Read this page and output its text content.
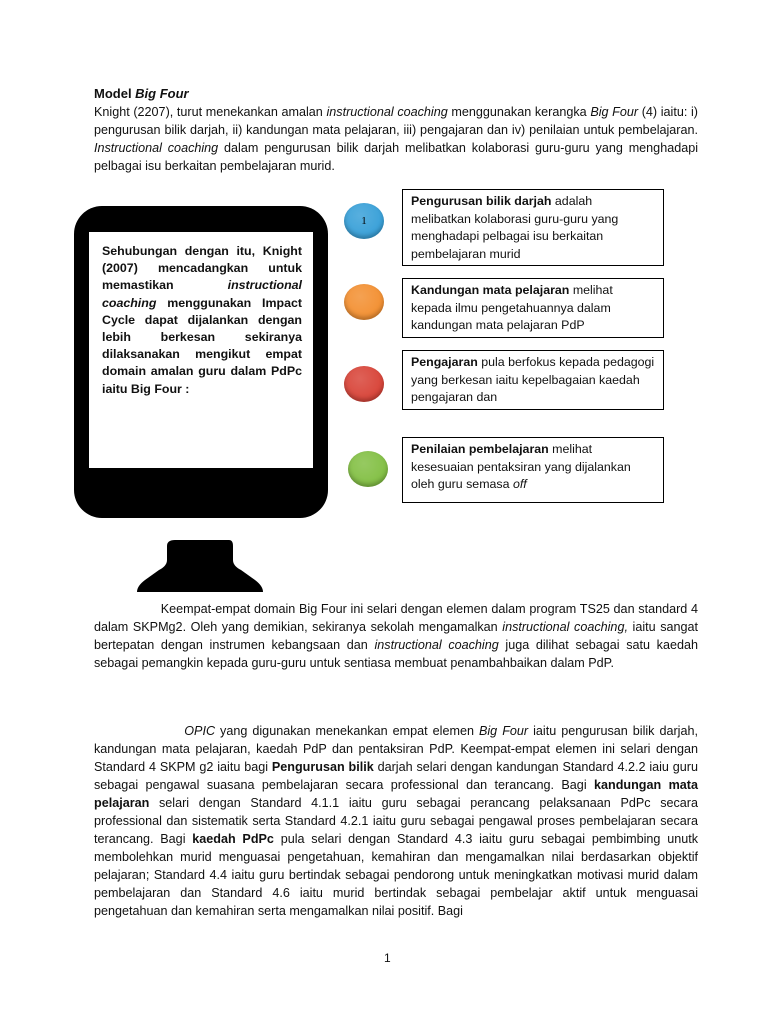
Model Big Four
Knight (2207), turut menekankan amalan instructional coaching menggunakan kerangka Big Four (4) iaitu: i) pengurusan bilik darjah, ii) kandungan mata pelajaran, iii) pengajaran dan iv) penilaian untuk pembelajaran. Instructional coaching dalam pengurusan bilik darjah melibatkan kolaborasi guru-guru yang menghadapi pelbagai isu berkaitan pembelajaran murid.
Sehubungan dengan itu, Knight (2007) mencadangkan untuk memastikan instructional coaching menggunakan Impact Cycle dapat dijalankan dengan lebih berkesan sekiranya dilaksanakan mengikut empat domain amalan guru dalam PdPc iaitu Big Four :
1
Pengurusan bilik darjah adalah melibatkan kolaborasi guru-guru yang menghadapi pelbagai isu berkaitan pembelajaran murid
Kandungan mata pelajaran melihat kepada ilmu pengetahuannya dalam kandungan mata pelajaran PdP
Pengajaran pula berfokus kepada pedagogi yang berkesan iaitu kepelbagaian kaedah pengajaran dan
Penilaian pembelajaran melihat kesesuaian pentaksiran yang dijalankan oleh guru semasa off
Keempat-empat domain Big Four ini selari dengan elemen dalam program TS25 dan standard 4 dalam SKPMg2. Oleh yang demikian, sekiranya sekolah mengamalkan instructional coaching, iaitu sangat bertepatan dengan instrumen kebangsaan dan instructional coaching juga dilihat sebagai satu kaedah sebagai pemangkin kepada guru-guru untuk sentiasa membuat penambahbaikan dalam PdP.
OPIC yang digunakan menekankan empat elemen Big Four iaitu pengurusan bilik darjah, kandungan mata pelajaran, kaedah PdP dan pentaksiran PdP. Keempat-empat elemen ini selari dengan Standard 4 SKPM g2 iaitu bagi Pengurusan bilik darjah selari dengan kandungan Standard 4.2.2 iaiu guru sebagai pengawal suasana pembelajaran secara professional dan terancang. Bagi kandungan mata pelajaran selari dengan Standard 4.1.1 iaitu guru sebagai perancang pelaksanaan PdPc secara professional dan sistematik serta Standard 4.2.1 iaitu guru sebagai pengawal proses pembelajaran secara terancang. Bagi kaedah PdPc pula selari dengan Standard 4.3 iaitu guru sebagai pembimbing unutk membolehkan murid menguasai pengetahuan, kemahiran dan mengamalkan nilai berdasarkan objektif pelajaran; Standard 4.4 iaitu guru bertindak sebagai pendorong untuk meningkatkan motivasi murid dalam pembelajaran dan Standard 4.6 iaitu murid bertindak sebagai pembelajar aktif untuk menguasai pengetahuan dan kemahiran serta mengamalkan nilai positif. Bagi
1
